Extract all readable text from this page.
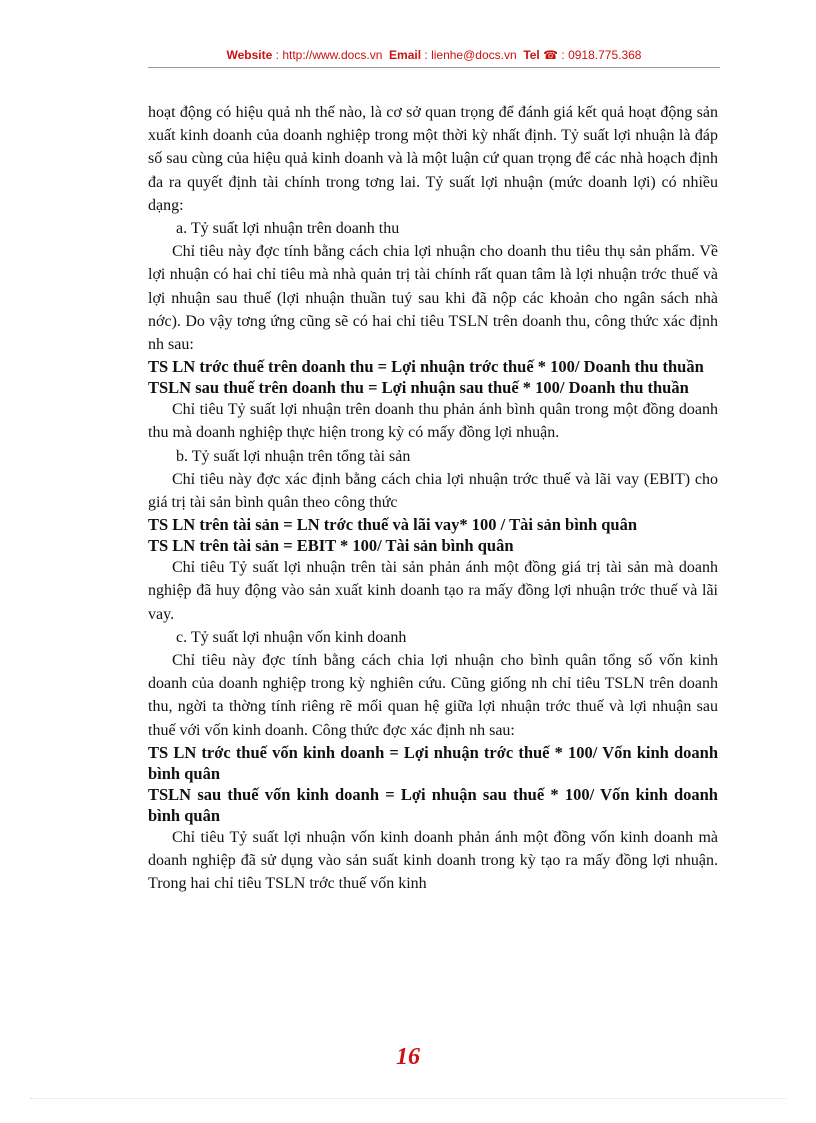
Website : http://www.docs.vn Email : lienhe@docs.vn Tel ☎ : 0918.775.368

hoạt động có hiệu quả nh thế nào, là cơ sở quan trọng để đánh giá kết quả hoạt động sản xuất kinh doanh của doanh nghiệp trong một thời kỳ nhất định. Tỷ suất lợi nhuận là đáp số sau cùng của hiệu quả kinh doanh và là một luận cứ quan trọng để các nhà hoạch định đa ra quyết định tài chính trong tơng lai. Tỷ suất lợi nhuận (mức doanh lợi) có nhiều dạng:

a. Tỷ suất lợi nhuận trên doanh thu

Chỉ tiêu này đợc tính bằng cách chia lợi nhuận cho doanh thu tiêu thụ sản phẩm. Về lợi nhuận có hai chỉ tiêu mà nhà quản trị tài chính rất quan tâm là lợi nhuận trớc thuế và lợi nhuận sau thuế (lợi nhuận thuần tuý sau khi đã nộp các khoản cho ngân sách nhà nớc). Do vậy tơng ứng cũng sẽ có hai chỉ tiêu TSLN trên doanh thu, công thức xác định nh sau:

TS LN trớc thuế trên doanh thu = Lợi nhuận trớc thuế * 100/ Doanh thu thuần

TSLN sau thuế trên doanh thu = Lợi nhuận sau thuế * 100/ Doanh thu thuần

Chỉ tiêu Tỷ suất lợi nhuận trên doanh thu phản ánh bình quân trong một đồng doanh thu mà doanh nghiệp thực hiện trong kỳ có mấy đồng lợi nhuận.

b. Tỷ suất lợi nhuận trên tổng tài sản

Chỉ tiêu này đợc xác định bằng cách chia lợi nhuận trớc thuế và lãi vay (EBIT) cho giá trị tài sản bình quân theo công thức

TS LN trên tài sản = LN trớc thuế và lãi vay* 100 / Tài sản bình quân

TS LN trên tài sản = EBIT * 100/ Tài sản bình quân

Chỉ tiêu Tỷ suất lợi nhuận trên tài sản phản ánh một đồng giá trị tài sản mà doanh nghiệp đã huy động vào sản xuất kinh doanh tạo ra mấy đồng lợi nhuận trớc thuế và lãi vay.

c. Tỷ suất lợi nhuận vốn kinh doanh

Chỉ tiêu này đợc tính bằng cách chia lợi nhuận cho bình quân tổng số vốn kinh doanh của doanh nghiệp trong kỳ nghiên cứu. Cũng giống nh chỉ tiêu TSLN trên doanh thu, ngời ta thờng tính riêng rẽ mối quan hệ giữa lợi nhuận trớc thuế và lợi nhuận sau thuế với vốn kinh doanh. Công thức đợc xác định nh sau:

TS LN trớc thuế vốn kinh doanh = Lợi nhuận trớc thuế * 100/ Vốn kinh doanh bình quân

TSLN sau thuế vốn kinh doanh = Lợi nhuận sau thuế * 100/ Vốn kinh doanh bình quân

Chỉ tiêu Tỷ suất lợi nhuận vốn kinh doanh phản ánh một đồng vốn kinh doanh mà doanh nghiệp đã sử dụng vào sản suất kinh doanh trong kỳ tạo ra mấy đồng lợi nhuận. Trong hai chỉ tiêu TSLN trớc thuế vốn kinh

16
